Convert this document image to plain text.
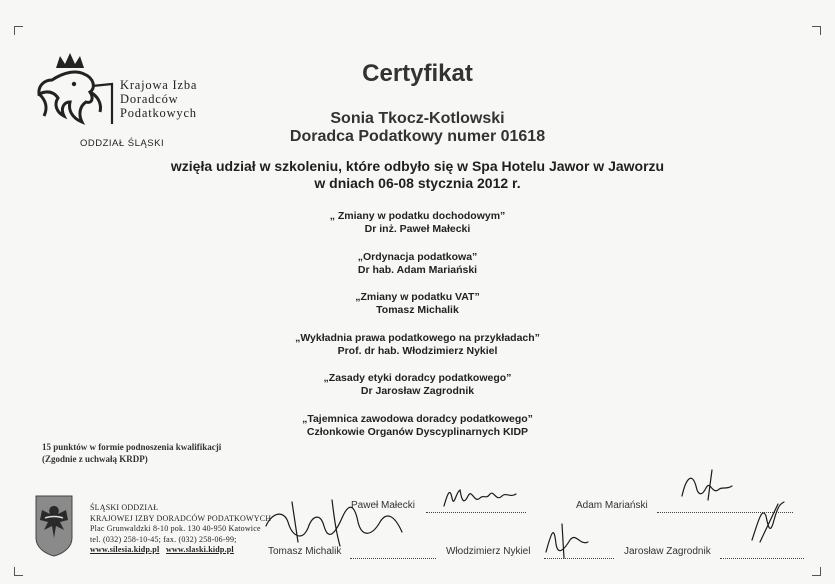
Krajowa Izba
Doradców
Podatkowych
ODDZIAŁ ŚLĄSKI
Certyfikat
Sonia Tkocz-Kotlowski
Doradca Podatkowy numer 01618
wzięła udział w szkoleniu, które odbyło się w Spa Hotelu Jawor w Jaworzu
w dniach 06-08 stycznia 2012 r.
„ Zmiany w podatku dochodowym”
Dr inż. Paweł Małecki
„Ordynacja podatkowa”
Dr hab. Adam Mariański
„Zmiany w podatku VAT”
Tomasz Michalik
„Wykładnia prawa podatkowego na przykładach”
Prof. dr hab. Włodzimierz Nykiel
„Zasady etyki doradcy podatkowego”
Dr Jarosław Zagrodnik
„Tajemnica zawodowa doradcy podatkowego”
Członkowie Organów Dyscyplinarnych KIDP
15 punktów w formie podnoszenia kwalifikacji
(Zgodnie z uchwałą KRDP)
ŚLĄSKI ODDZIAŁ
KRAJOWEJ IZBY DORADCÓW PODATKOWYCH
Plac Grunwaldzki 8-10 pok. 130 40-950 Katowice
tel. (032) 258-10-45; fax. (032) 258-06-99;
www.silesia.kidp.pl www.slaski.kidp.pl
Paweł Małecki	Adam Mariański
Tomasz Michalik	Włodzimierz Nykiel	Jarosław Zagrodnik
